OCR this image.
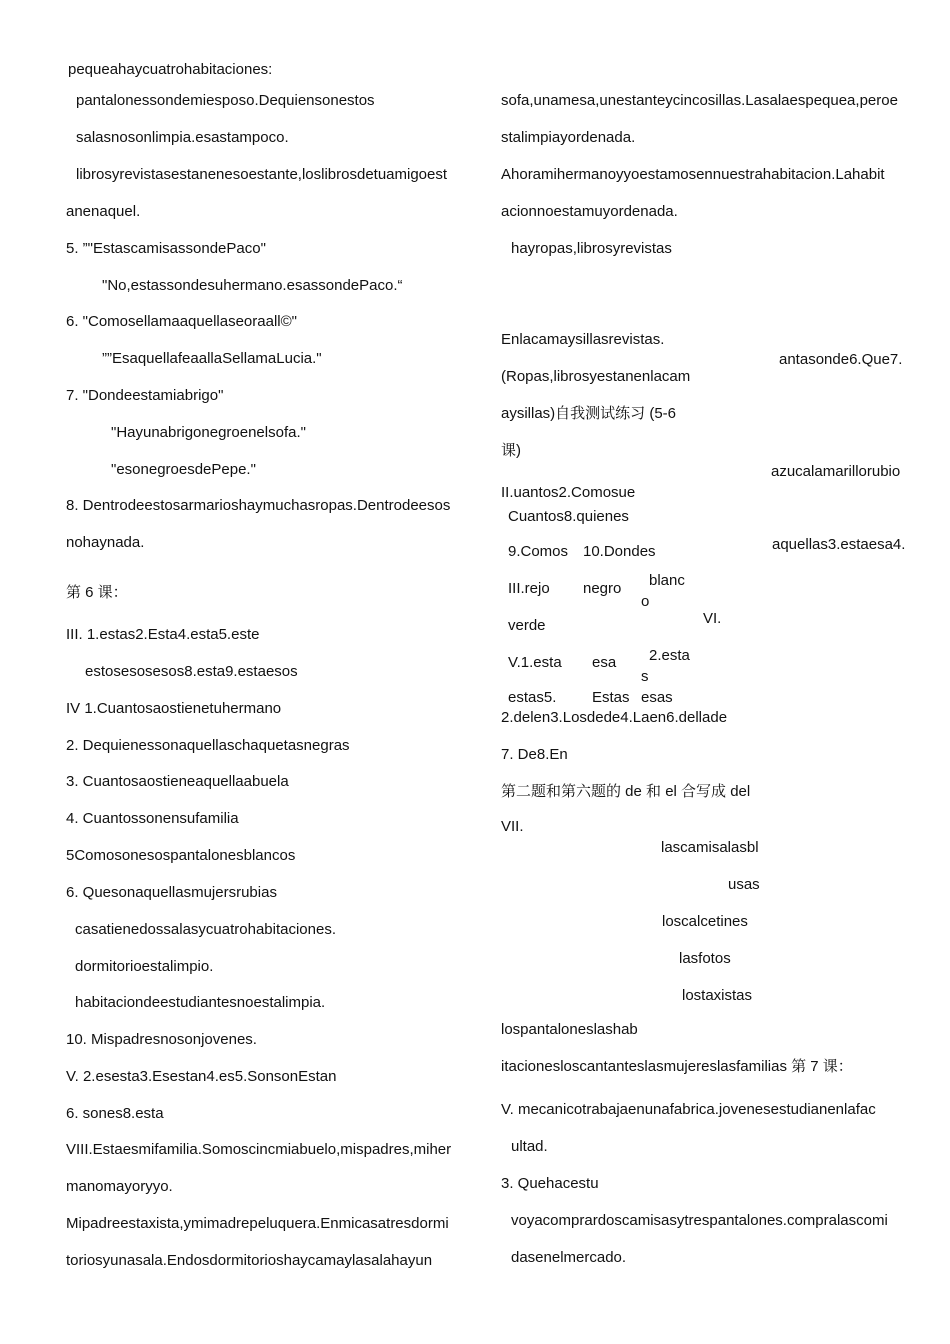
pequeahaycuatrohabitaciones:
pantalonessondemiesposo.Dequiensonestos
salasnosonlimpia.esastampoco.
librosyrevistasestanenesoestante,loslibrosdetuamigoest
anenaquel.
5. ”"EstascamisassondePaco"
"No,estassondesuhermano.esassondePaco.“
6. "Comosellamaaquellaseoraall©"
””EsaquellafeaallaSellamaLucia."
7. "Dondeestamiabrigo"
"Hayunabrigonegroenelsofa."
"esonegroesdePepe."
8. Dentrodeestosarmarioshaymuchasropas.Dentrodeesos
nohaynada.
第 6 课：
III. 1.estas2.Esta4.esta5.este
estosesosesos8.esta9.estaesos
IV 1.Cuantosaostienetuhermano
2. Dequienessonaquellaschaquetasnegras
3. Cuantosaostieneaquellaabuela
4. Cuantossonensufamilia
5Comosonesospantalonesblancos
6. Quesonaquellasmujersrubias
casatienedossalasycuatrohabitaciones.
dormitorioestalimpio.
habitaciondeestudiantesnoestalimpia.
10. Mispadresnosonjovenes.
V. 2.esesta3.Esestan4.es5.SonsonEstan
6. sones8.esta
VIII.Estaesmifamilia.Somoscincmiabuelo,mispadres,miher
manomayoryyo.
Mipadreestaxista,ymimadrepeluquera.Enmicasatresdormi
toriosyunasala.Endosdormitorioshaycamaylasalahayun
sofa,unamesa,unestanteycincosillas.Lasalaespequea,peroe
stalimpiayordenada.
Ahoramihermanoyyoestamosennuestrahabitacion.Lahabit
acionnoestamuyordenada.
hayropas,librosyrevistas
Enlacamaysillasrevistas.
antasonde6.Que7.
(Ropas,librosyestanenlacam
aysillas)自我测试练习 (5-6
课)
azucalamarillorubio
II.uantos2.Comosue
Cuantos8.quienes
aquellas3.estaesa4.
9.Comos 10.Dondes
blanc
o
III.rejo negro
VI.
verde
2.esta
s
V.1.esta esa
estas5. Estas esas
2.delen3.Losdede4.Laen6.dellade
7. De8.En
第二题和第六题的 de 和 el 合写成 del
VII.
lascamisalasbl
usas
loscalcetines
lasfotos
lostaxistas
lospantaloneslashab
itacionesloscantanteslasmujereslasfamilias 第 7 课：
V. mecanicotrabajaenunafabrica.jovenesestudianenlafac
ultad.
3. Quehacestu
voyacomprardoscamisasytrespantalones.compralascomi
dasenelmercado.
